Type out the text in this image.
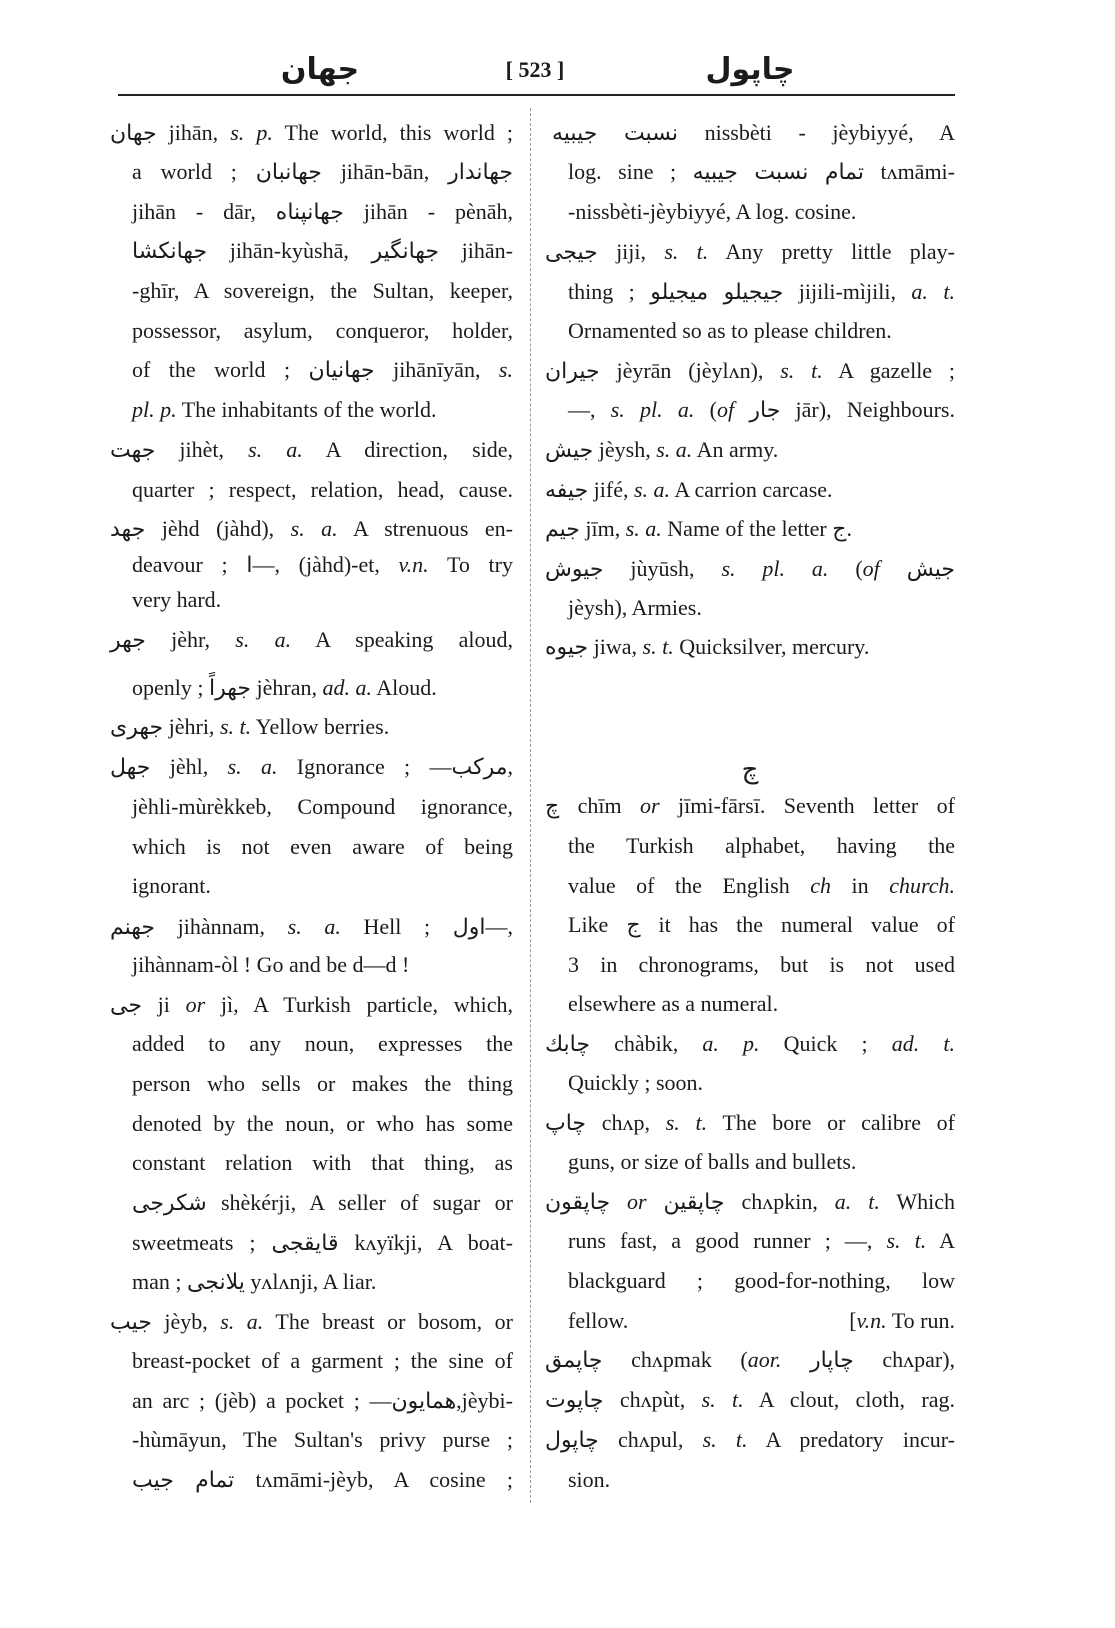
جهان	[ 523 ]	چاپول
جهان jihān, s. p. The world, this world ;
a world ; جهانبان jihān-bān, جهاندار
jihān - dār, جهانپناه jihān - pènāh,
جهانکشا jihān-kyùshā, جهانگیر jihān-
-ghīr, A sovereign, the Sultan, keeper,
possessor, asylum, conqueror, holder,
of the world ; جهانیان jihānīyān, s.
pl. p. The inhabitants of the world.
جهت jihèt, s. a. A direction, side,
quarter ; respect, relation, head, cause.
جهد jèhd (jàhd), s. a. A strenuous en-
deavour ; ا—, (jàhd)-et, v.n. To try
very hard.
جهر jèhr, s. a. A speaking aloud,
openly ; جهراً jèhran, ad. a. Aloud.
جهری jèhri, s. t. Yellow berries.
جهل jèhl, s. a. Ignorance ; —مرکب,
jèhli-mùrèkkeb, Compound ignorance,
which is not even aware of being
ignorant.
جهنم jihànnam, s. a. Hell ; اول—,
jihànnam-òl ! Go and be d—d !
جی ji or jì, A Turkish particle, which,
added to any noun, expresses the
person who sells or makes the thing
denoted by the noun, or who has some
constant relation with that thing, as
شکرجی shèkérji, A seller of sugar or
sweetmeats ; قایقجی kʌyïkji, A boat-
man ; یلانجی yʌlʌnji, A liar.
جیب jèyb, s. a. The breast or bosom, or
breast-pocket of a garment ; the sine of
an arc ; (jèb) a pocket ; —همایون,jèybi-
-hùmāyun, The Sultan's privy purse ;
تمام جیب tʌmāmi-jèyb, A cosine ;
نسبت جیبیه nissbèti - jèybiyyé, A
log. sine ; تمام نسبت جیبیه tʌmāmi-
-nissbèti-jèybiyyé, A log. cosine.
جیجی jiji, s. t. Any pretty little play-
thing ; جیجیلو میجیلو jijili-mìjili, a. t.
Ornamented so as to please children.
جیران jèyrān (jèylʌn), s. t. A gazelle ;
—, s. pl. a. (of جار jār), Neighbours.
جیش jèysh, s. a. An army.
جیفه jifé, s. a. A carrion carcase.
جیم jīm, s. a. Name of the letter ج.
جیوش jùyūsh, s. pl. a. (of جیش
jèysh), Armies.
جیوه jiwa, s. t. Quicksilver, mercury.
چ
چ chīm or jīmi-fārsī. Seventh letter of
the Turkish alphabet, having the
value of the English ch in church.
Like ج it has the numeral value of
3 in chronograms, but is not used
elsewhere as a numeral.
چابك chàbik, a. p. Quick ; ad. t.
Quickly ; soon.
چاپ chʌp, s. t. The bore or calibre of
guns, or size of balls and bullets.
چاپقون or چاپقین chʌpkin, a. t. Which
runs fast, a good runner ; —, s. t. A
blackguard ; good-for-nothing, low
fellow.	[v.n. To run.
چاپمق chʌpmak (aor. چاپار chʌpar),
چاپوت chʌpùt, s. t. A clout, cloth, rag.
چاپول chʌpul, s. t. A predatory incur-
sion.
